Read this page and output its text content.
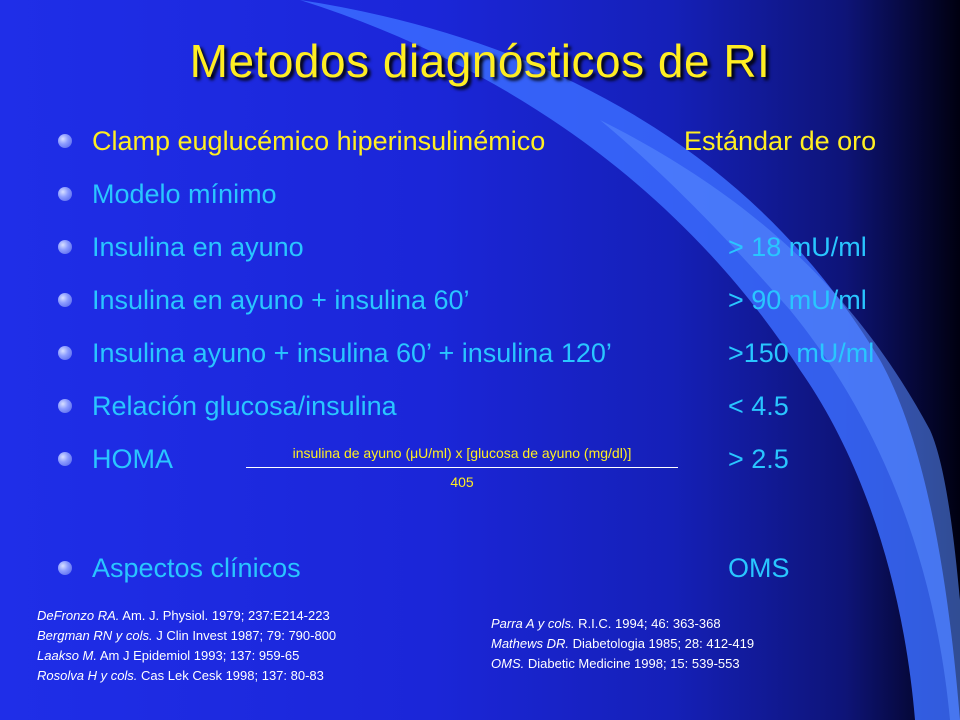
Metodos diagnósticos de RI
Clamp euglucémico hiperinsulinémico	Estándar de oro
Modelo mínimo
Insulina en ayuno	> 18 mU/ml
Insulina en ayuno + insulina 60’	> 90 mU/ml
Insulina ayuno + insulina 60’ + insulina 120’	>150 mU/ml
Relación glucosa/insulina	< 4.5
HOMA	> 2.5
insulina de ayuno (μU/ml) x [glucosa de ayuno (mg/dl)]
405
Aspectos clínicos	OMS
DeFronzo RA. Am. J. Physiol. 1979; 237:E214-223
Bergman RN y cols. J Clin Invest 1987; 79: 790-800
Laakso M. Am J Epidemiol 1993; 137: 959-65
Rosolva H y cols. Cas Lek Cesk 1998; 137: 80-83
Parra A y cols. R.I.C. 1994; 46: 363-368
Mathews DR. Diabetologia 1985; 28: 412-419
OMS. Diabetic Medicine 1998; 15: 539-553
